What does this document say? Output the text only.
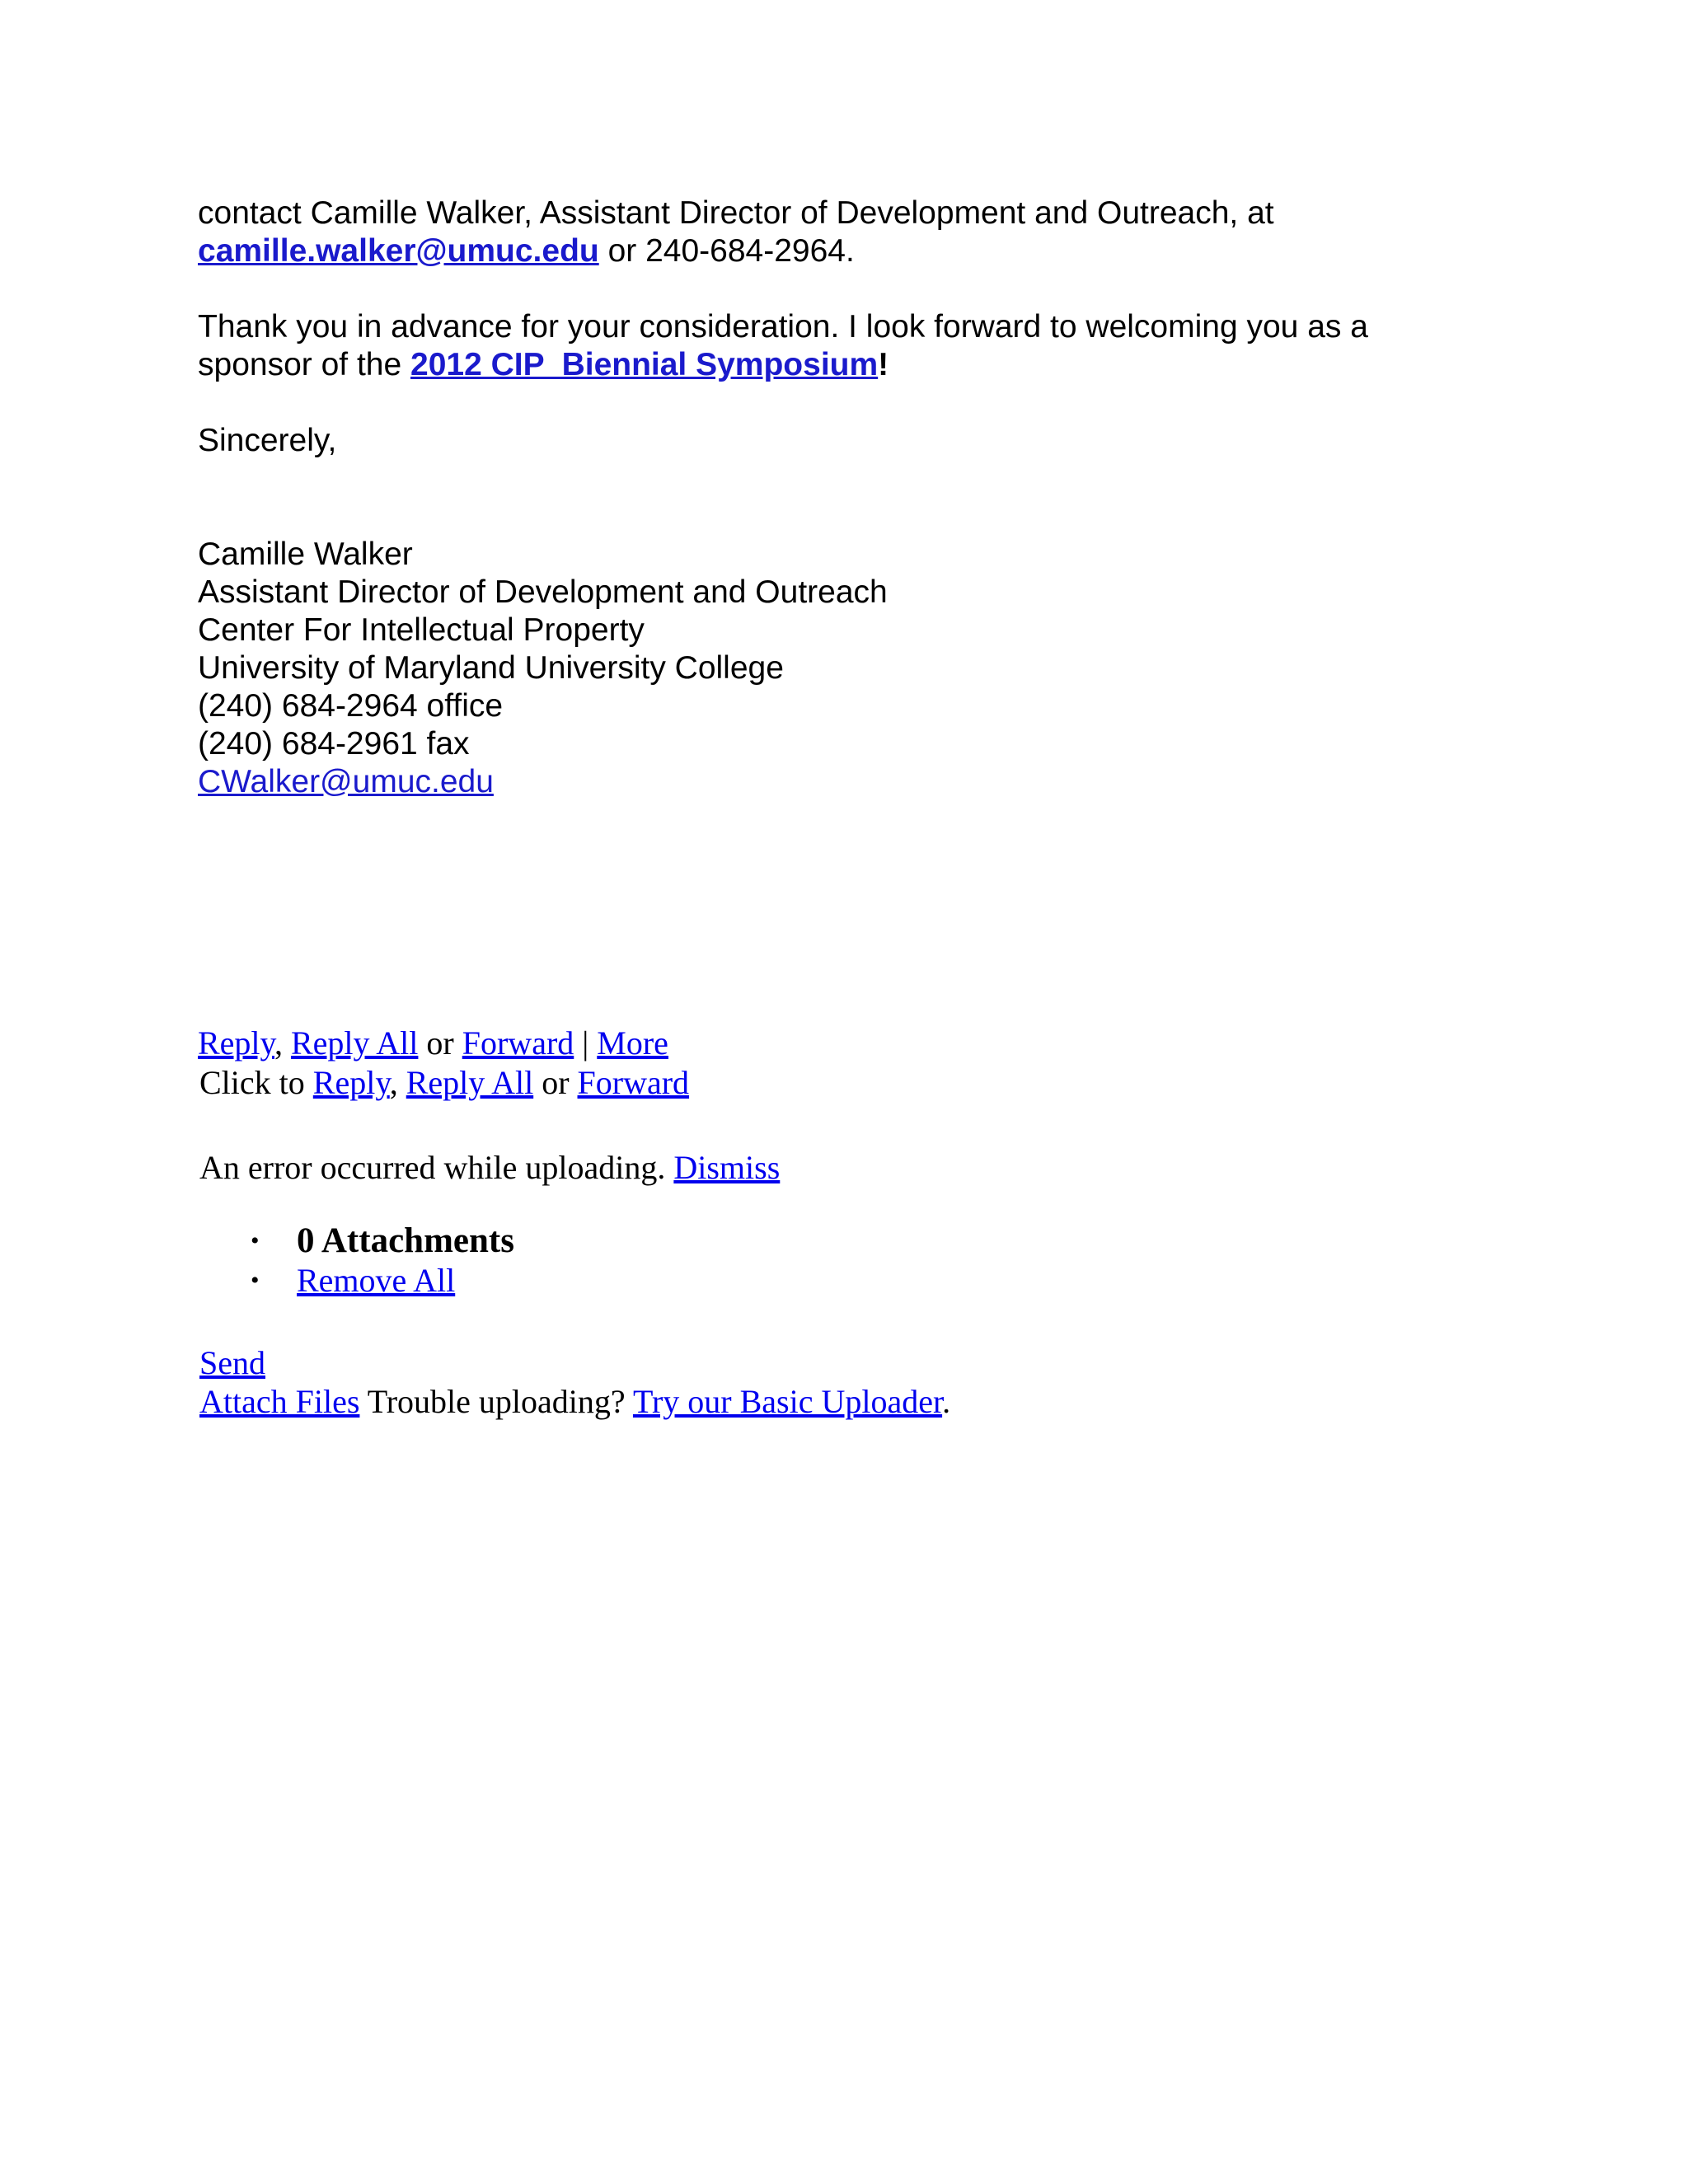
contact Camille Walker, Assistant Director of Development and Outreach, at
camille.walker@umuc.edu or 240-684-2964.

Thank you in advance for your consideration. I look forward to welcoming you as a sponsor of the 2012 CIP  Biennial Symposium!

Sincerely,

Camille Walker
Assistant Director of Development and Outreach
Center For Intellectual Property
University of Maryland University College
(240) 684-2964 office
(240) 684-2961 fax
CWalker@umuc.edu
Reply, Reply All or Forward | More
Click to Reply, Reply All or Forward
An error occurred while uploading. Dismiss
• 0 Attachments
• Remove All
Send
Attach Files Trouble uploading? Try our Basic Uploader.
